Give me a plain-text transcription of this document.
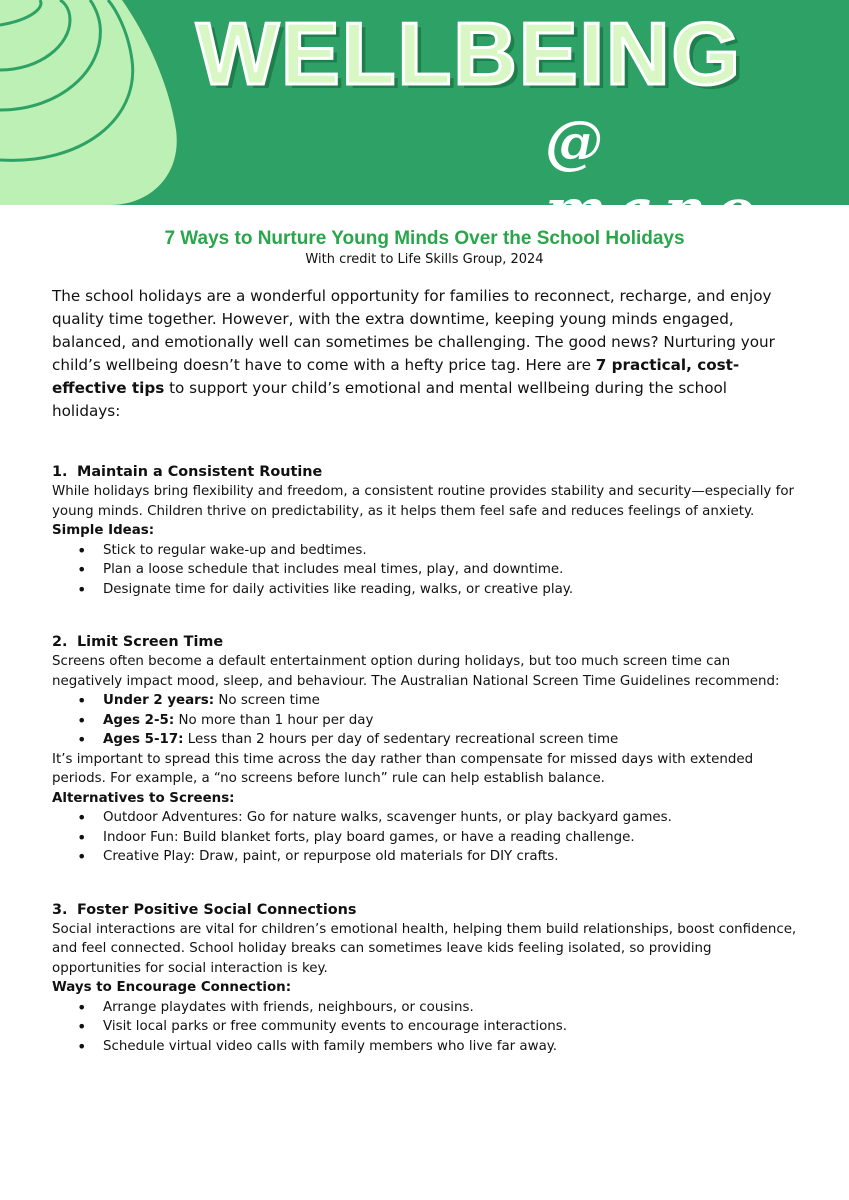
WELLBEING
@ mano
7 Ways to Nurture Young Minds Over the School Holidays
With credit to Life Skills Group, 2024

The school holidays are a wonderful opportunity for families to reconnect, recharge, and enjoy quality time together. However, with the extra downtime, keeping young minds engaged, balanced, and emotionally well can sometimes be challenging. The good news? Nurturing your child’s wellbeing doesn’t have to come with a hefty price tag. Here are 7 practical, cost-effective tips to support your child’s emotional and mental wellbeing during the school holidays:

1. Maintain a Consistent Routine

While holidays bring flexibility and freedom, a consistent routine provides stability and security—especially for young minds. Children thrive on predictability, as it helps them feel safe and reduces feelings of anxiety.

Simple Ideas:

• Stick to regular wake-up and bedtimes.
• Plan a loose schedule that includes meal times, play, and downtime.
• Designate time for daily activities like reading, walks, or creative play.

2. Limit Screen Time

Screens often become a default entertainment option during holidays, but too much screen time can negatively impact mood, sleep, and behaviour. The Australian National Screen Time Guidelines recommend:

• Under 2 years: No screen time
• Ages 2-5: No more than 1 hour per day
• Ages 5-17: Less than 2 hours per day of sedentary recreational screen time

It’s important to spread this time across the day rather than compensate for missed days with extended periods. For example, a “no screens before lunch” rule can help establish balance.

Alternatives to Screens:

• Outdoor Adventures: Go for nature walks, scavenger hunts, or play backyard games.
• Indoor Fun: Build blanket forts, play board games, or have a reading challenge.
• Creative Play: Draw, paint, or repurpose old materials for DIY crafts.

3. Foster Positive Social Connections

Social interactions are vital for children’s emotional health, helping them build relationships, boost confidence, and feel connected. School holiday breaks can sometimes leave kids feeling isolated, so providing opportunities for social interaction is key.

Ways to Encourage Connection:

• Arrange playdates with friends, neighbours, or cousins.
• Visit local parks or free community events to encourage interactions.
• Schedule virtual video calls with family members who live far away.
